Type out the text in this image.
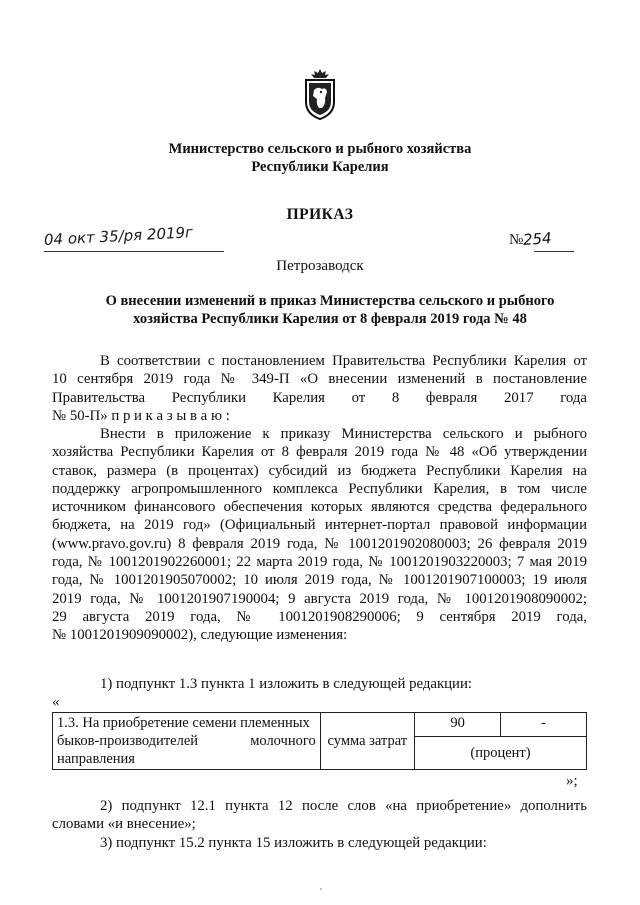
Министерство сельского и рыбного хозяйства
Республики Карелия
ПРИКАЗ
04 окт 35/ря 2019г	№254
Петрозаводск
О внесении изменений в приказ Министерства сельского и рыбного
хозяйства Республики Карелия от 8 февраля 2019 года № 48
В соответствии с постановлением Правительства Республики Карелия от
10 сентября 2019 года № 349-П «О внесении изменений в постановление
Правительства Республики Карелия от 8 февраля 2017 года
№ 50-П» п р и к а з ы в а ю :
Внести в приложение к приказу Министерства сельского и рыбного
хозяйства Республики Карелия от 8 февраля 2019 года № 48 «Об утверждении
ставок, размера (в процентах) субсидий из бюджета Республики Карелия на
поддержку агропромышленного комплекса Республики Карелия, в том числе
источником финансового обеспечения которых являются средства федерального
бюджета, на 2019 год» (Официальный интернет-портал правовой информации
(www.pravo.gov.ru) 8 февраля 2019 года, № 1001201902080003; 26 февраля 2019
года, № 1001201902260001; 22 марта 2019 года, № 1001201903220003; 7 мая 2019
года, № 1001201905070002; 10 июля 2019 года, № 1001201907100003; 19 июля
2019 года, № 1001201907190004; 9 августа 2019 года, № 1001201908090002;
29 августа 2019 года, № 1001201908290006; 9 сентября 2019 года,
№ 1001201909090002), следующие изменения:
1) подпункт 1.3 пункта 1 изложить в следующей редакции:
«
1.3. На приобретение семени племенных
быков-производителей молочного
направления
	сумма затрат	90	-
(процент)
»;
2) подпункт 12.1 пункта 12 после слов «на приобретение» дополнить
словами «и внесение»;
3) подпункт 15.2 пункта 15 изложить в следующей редакции:
